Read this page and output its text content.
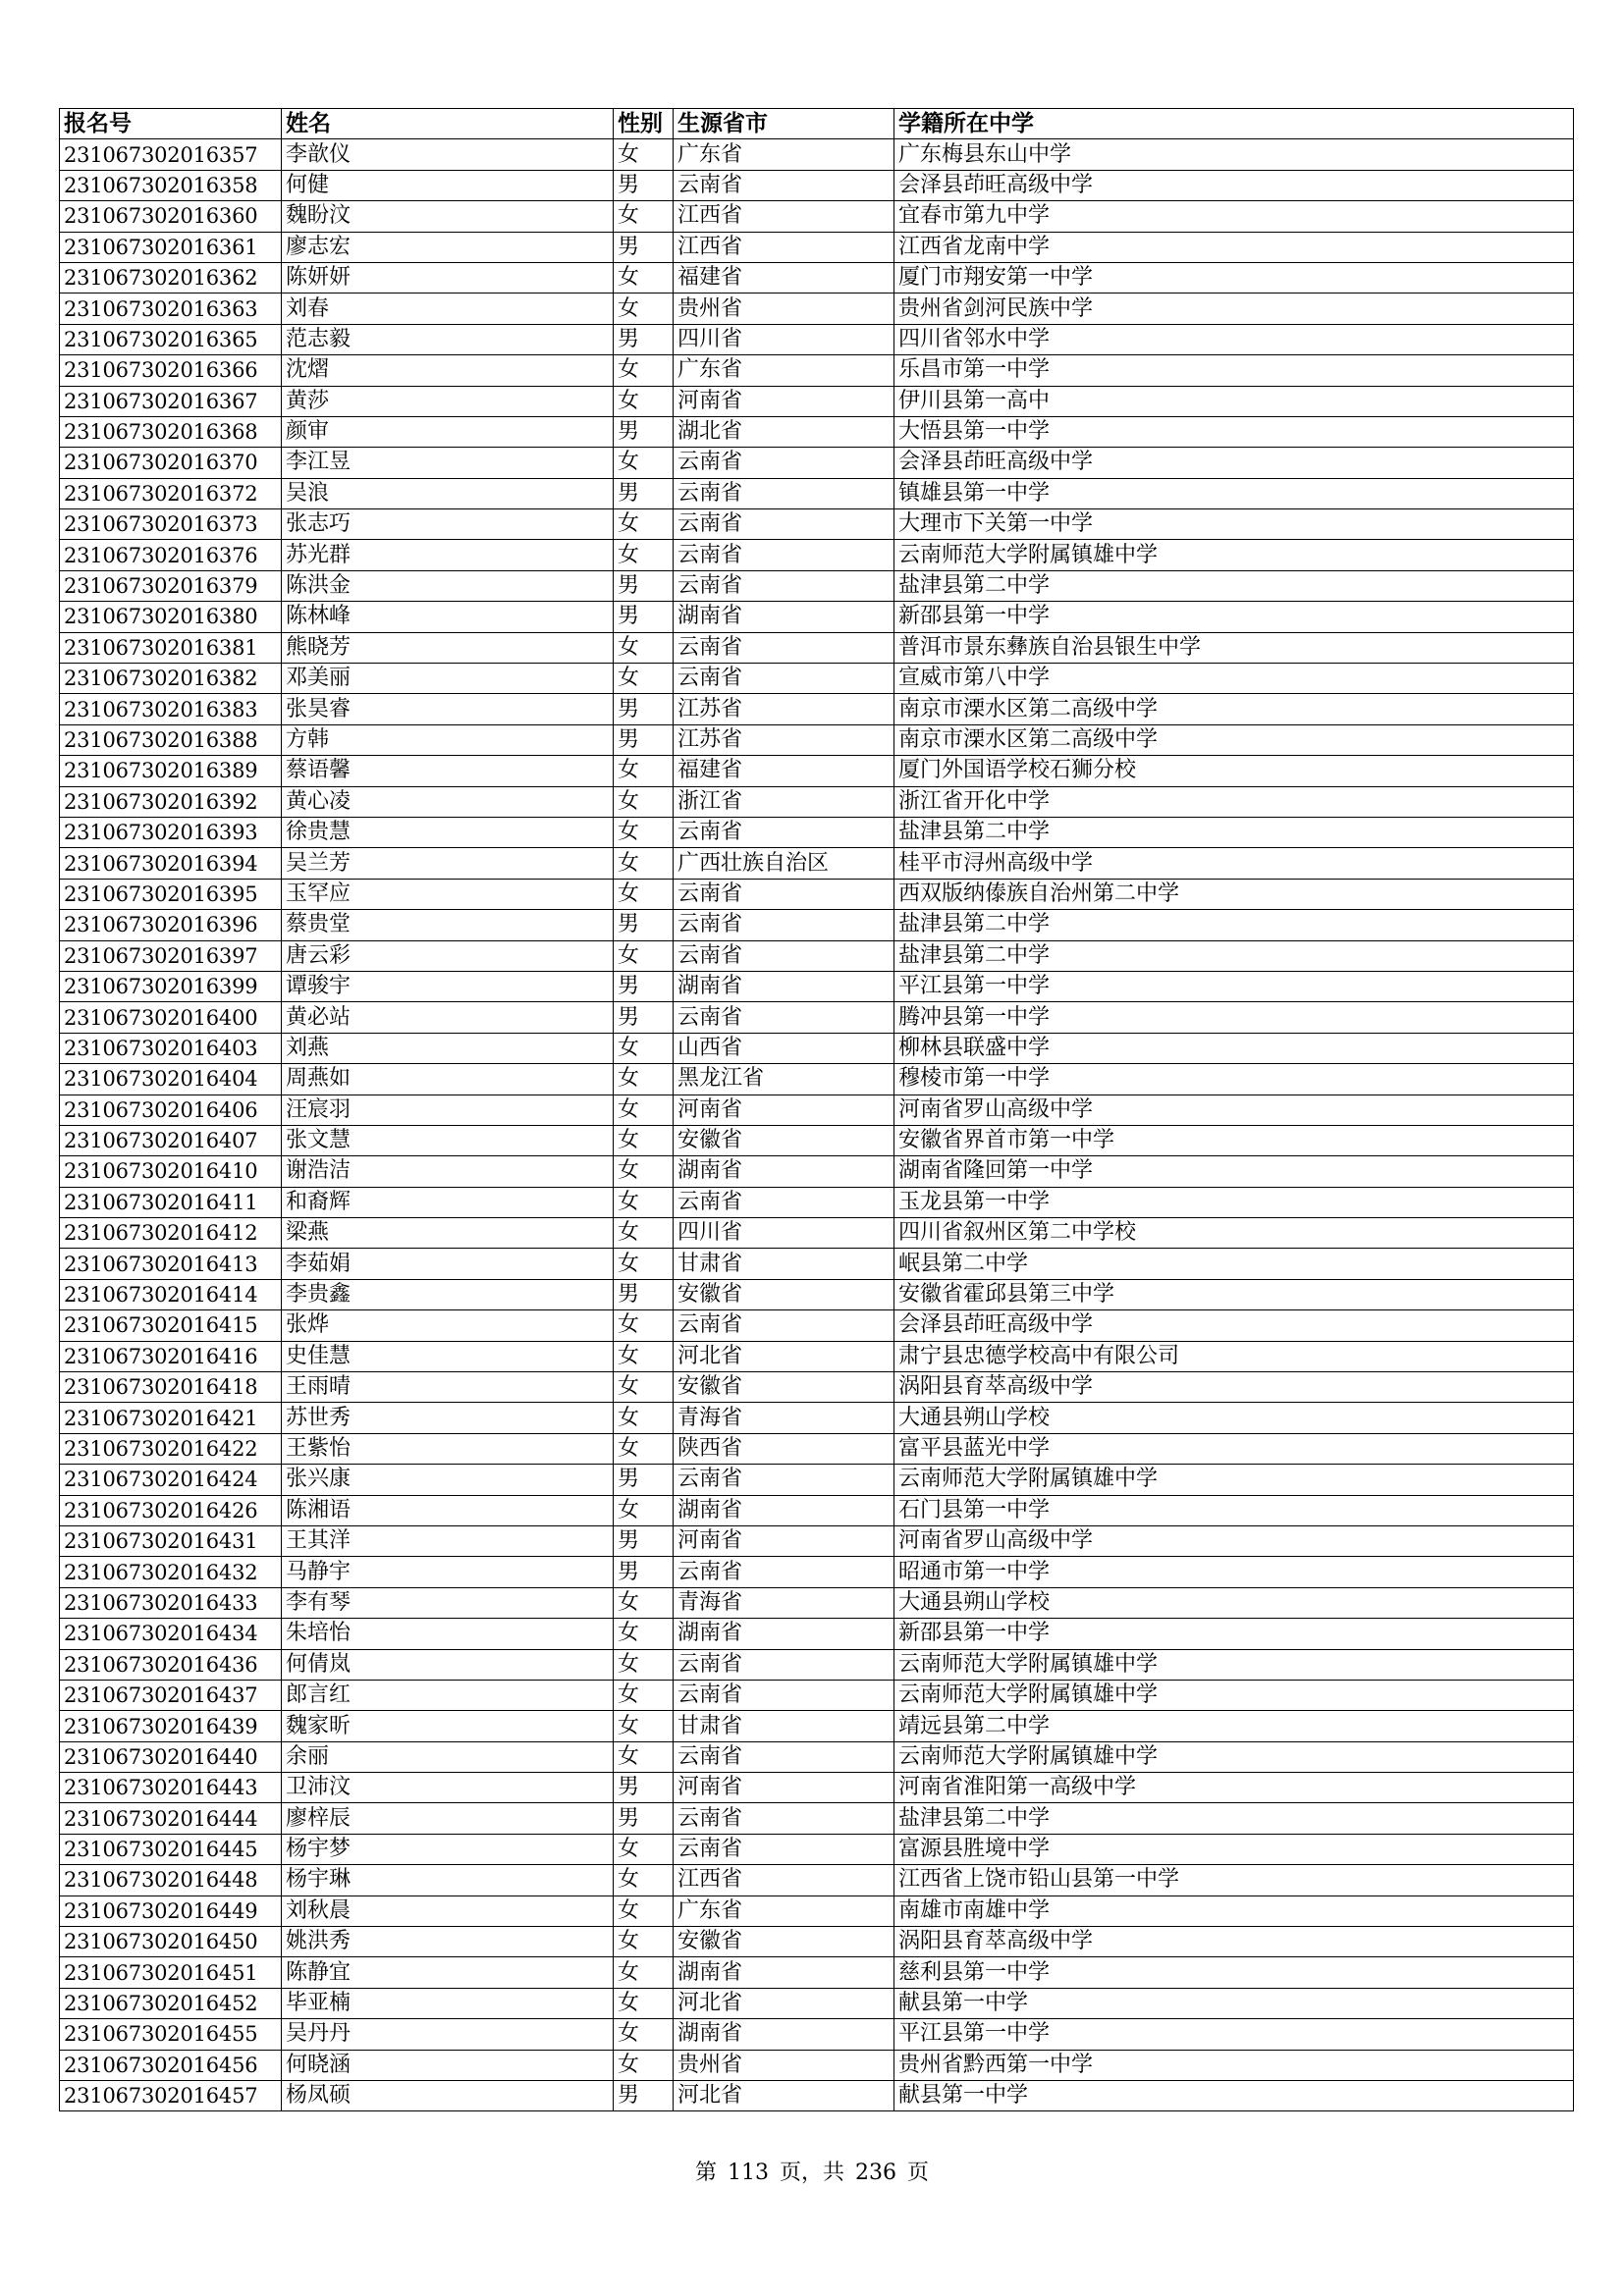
报名号	姓名	性别	生源省市	学籍所在中学
231067302016357	李歆仪	女	广东省	广东梅县东山中学
231067302016358	何健	男	云南省	会泽县茚旺高级中学
231067302016360	魏盼汶	女	江西省	宜春市第九中学
231067302016361	廖志宏	男	江西省	江西省龙南中学
231067302016362	陈妍妍	女	福建省	厦门市翔安第一中学
231067302016363	刘春	女	贵州省	贵州省剑河民族中学
231067302016365	范志毅	男	四川省	四川省邻水中学
231067302016366	沈熠	女	广东省	乐昌市第一中学
231067302016367	黄莎	女	河南省	伊川县第一高中
231067302016368	颜审	男	湖北省	大悟县第一中学
231067302016370	李江昱	女	云南省	会泽县茚旺高级中学
231067302016372	吴浪	男	云南省	镇雄县第一中学
231067302016373	张志巧	女	云南省	大理市下关第一中学
231067302016376	苏光群	女	云南省	云南师范大学附属镇雄中学
231067302016379	陈洪金	男	云南省	盐津县第二中学
231067302016380	陈林峰	男	湖南省	新邵县第一中学
231067302016381	熊晓芳	女	云南省	普洱市景东彝族自治县银生中学
231067302016382	邓美丽	女	云南省	宣威市第八中学
231067302016383	张昊睿	男	江苏省	南京市溧水区第二高级中学
231067302016388	方韩	男	江苏省	南京市溧水区第二高级中学
231067302016389	蔡语馨	女	福建省	厦门外国语学校石狮分校
231067302016392	黄心凌	女	浙江省	浙江省开化中学
231067302016393	徐贵慧	女	云南省	盐津县第二中学
231067302016394	吴兰芳	女	广西壮族自治区	桂平市浔州高级中学
231067302016395	玉罕应	女	云南省	西双版纳傣族自治州第二中学
231067302016396	蔡贵堂	男	云南省	盐津县第二中学
231067302016397	唐云彩	女	云南省	盐津县第二中学
231067302016399	谭骏宇	男	湖南省	平江县第一中学
231067302016400	黄必站	男	云南省	腾冲县第一中学
231067302016403	刘燕	女	山西省	柳林县联盛中学
231067302016404	周燕如	女	黑龙江省	穆棱市第一中学
231067302016406	汪宸羽	女	河南省	河南省罗山高级中学
231067302016407	张文慧	女	安徽省	安徽省界首市第一中学
231067302016410	谢浩洁	女	湖南省	湖南省隆回第一中学
231067302016411	和裔辉	女	云南省	玉龙县第一中学
231067302016412	梁燕	女	四川省	四川省叙州区第二中学校
231067302016413	李茹娟	女	甘肃省	岷县第二中学
231067302016414	李贵鑫	男	安徽省	安徽省霍邱县第三中学
231067302016415	张烨	女	云南省	会泽县茚旺高级中学
231067302016416	史佳慧	女	河北省	肃宁县忠德学校高中有限公司
231067302016418	王雨晴	女	安徽省	涡阳县育萃高级中学
231067302016421	苏世秀	女	青海省	大通县朔山学校
231067302016422	王紫怡	女	陕西省	富平县蓝光中学
231067302016424	张兴康	男	云南省	云南师范大学附属镇雄中学
231067302016426	陈湘语	女	湖南省	石门县第一中学
231067302016431	王其洋	男	河南省	河南省罗山高级中学
231067302016432	马静宇	男	云南省	昭通市第一中学
231067302016433	李有琴	女	青海省	大通县朔山学校
231067302016434	朱培怡	女	湖南省	新邵县第一中学
231067302016436	何倩岚	女	云南省	云南师范大学附属镇雄中学
231067302016437	郎言红	女	云南省	云南师范大学附属镇雄中学
231067302016439	魏家昕	女	甘肃省	靖远县第二中学
231067302016440	余丽	女	云南省	云南师范大学附属镇雄中学
231067302016443	卫沛汶	男	河南省	河南省淮阳第一高级中学
231067302016444	廖梓辰	男	云南省	盐津县第二中学
231067302016445	杨宇梦	女	云南省	富源县胜境中学
231067302016448	杨宇琳	女	江西省	江西省上饶市铅山县第一中学
231067302016449	刘秋晨	女	广东省	南雄市南雄中学
231067302016450	姚洪秀	女	安徽省	涡阳县育萃高级中学
231067302016451	陈静宜	女	湖南省	慈利县第一中学
231067302016452	毕亚楠	女	河北省	献县第一中学
231067302016455	吴丹丹	女	湖南省	平江县第一中学
231067302016456	何晓涵	女	贵州省	贵州省黔西第一中学
231067302016457	杨凤硕	男	河北省	献县第一中学
第 113 页，共 236 页
